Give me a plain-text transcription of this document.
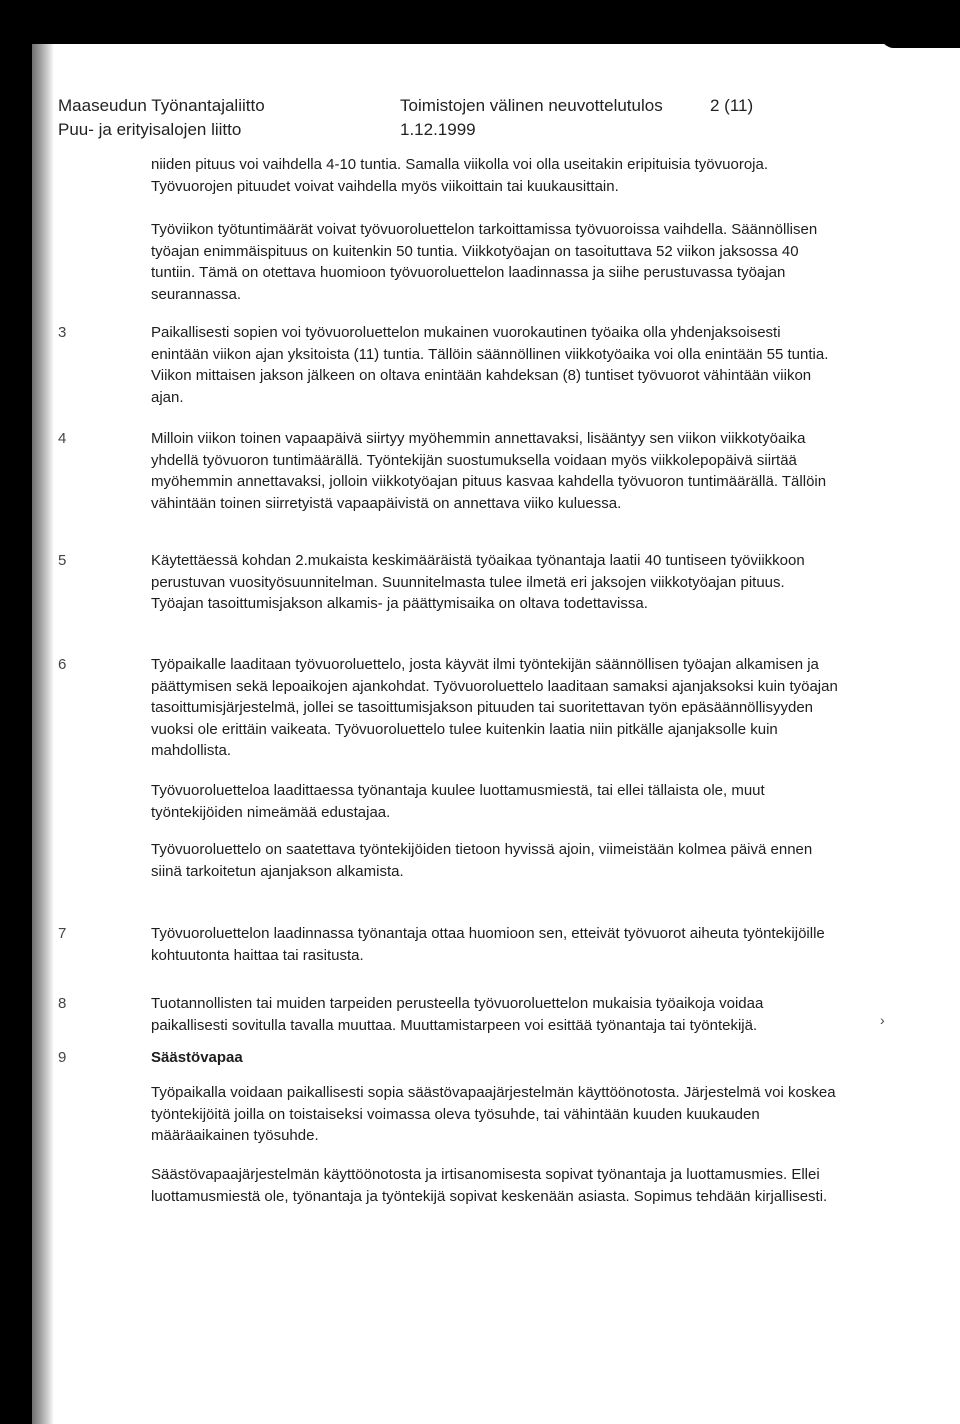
Maaseudun Työnantajaliitto
Puu- ja erityisalojen liitto
Toimistojen välinen neuvottelutulos
1.12.1999
2 (11)

niiden pituus voi vaihdella 4-10 tuntia. Samalla viikolla voi olla useitakin eripituisia työvuoroja. Työvuorojen pituudet voivat vaihdella myös viikoittain tai kuukausittain.

Työviikon työtuntimäärät voivat työvuoroluettelon tarkoittamissa työvuoroissa vaihdella. Säännöllisen työajan enimmäispituus on kuitenkin 50 tuntia. Viikkotyöajan on tasoituttava 52 viikon jaksossa 40 tuntiin. Tämä on otettava huomioon työvuoroluettelon laadinnassa ja siihe perustuvassa työajan seurannassa.

3	Paikallisesti sopien voi työvuoroluettelon mukainen vuorokautinen työaika olla yhdenjaksoisesti enintään viikon ajan yksitoista (11) tuntia. Tällöin säännöllinen viikkotyöaika voi olla enintään 55 tuntia. Viikon mittaisen jakson jälkeen on oltava enintään kahdeksan (8) tuntiset työvuorot vähintään viikon ajan.

4	Milloin viikon toinen vapaapäivä siirtyy myöhemmin annettavaksi, lisääntyy sen viikon viikkotyöaika yhdellä työvuoron tuntimäärällä. Työntekijän suostumuksella voidaan myös viikkolepopäivä siirtää myöhemmin annettavaksi, jolloin viikkotyöajan pituus kasvaa kahdella työvuoron tuntimäärällä. Tällöin vähintään toinen siirretyistä vapaapäivistä on annettava viiko kuluessa.

5	Käytettäessä kohdan 2.mukaista keskimääräistä työaikaa työnantaja laatii 40 tuntiseen työviikkoon perustuvan vuosityösuunnitelman. Suunnitelmasta tulee ilmetä eri jaksojen viikkotyöajan pituus. Työajan tasoittumisjakson alkamis- ja päättymisaika on oltava todettavissa.

6	Työpaikalle laaditaan työvuoroluettelo, josta käyvät ilmi työntekijän säännöllisen työajan alkamisen ja päättymisen sekä lepoaikojen ajankohdat. Työvuoroluettelo laaditaan samaksi ajanjaksoksi kuin työajan tasoittumisjärjestelmä, jollei se tasoittumisjakson pituuden tai suoritettavan työn epäsäännöllisyyden vuoksi ole erittäin vaikeata. Työvuoroluettelo tulee kuitenkin laatia niin pitkälle ajanjaksolle kuin mahdollista.

Työvuoroluetteloa laadittaessa työnantaja kuulee luottamusmiestä, tai ellei tällaista ole, muut työntekijöiden nimeämää edustajaa.

Työvuoroluettelo on saatettava työntekijöiden tietoon hyvissä ajoin, viimeistään kolmea päivä ennen siinä tarkoitetun ajanjakson alkamista.

7	Työvuoroluettelon laadinnassa työnantaja ottaa huomioon sen, etteivät työvuorot aiheuta työntekijöille kohtuutonta haittaa tai rasitusta.

8	Tuotannollisten tai muiden tarpeiden perusteella työvuoroluettelon mukaisia työaikoja voidaa paikallisesti sovitulla tavalla muuttaa. Muuttamistarpeen voi esittää työnantaja tai työntekijä.

9	Säästövapaa

Työpaikalla voidaan paikallisesti sopia säästövapaajärjestelmän käyttöönotosta. Järjestelmä voi koskea työntekijöitä joilla on toistaiseksi voimassa oleva työsuhde, tai vähintään kuuden kuukauden määräaikainen työsuhde.

Säästövapaajärjestelmän käyttöönotosta ja irtisanomisesta sopivat työnantaja ja luottamusmies. Ellei luottamusmiestä ole, työnantaja ja työntekijä sopivat keskenään asiasta. Sopimus tehdään kirjallisesti.

›
